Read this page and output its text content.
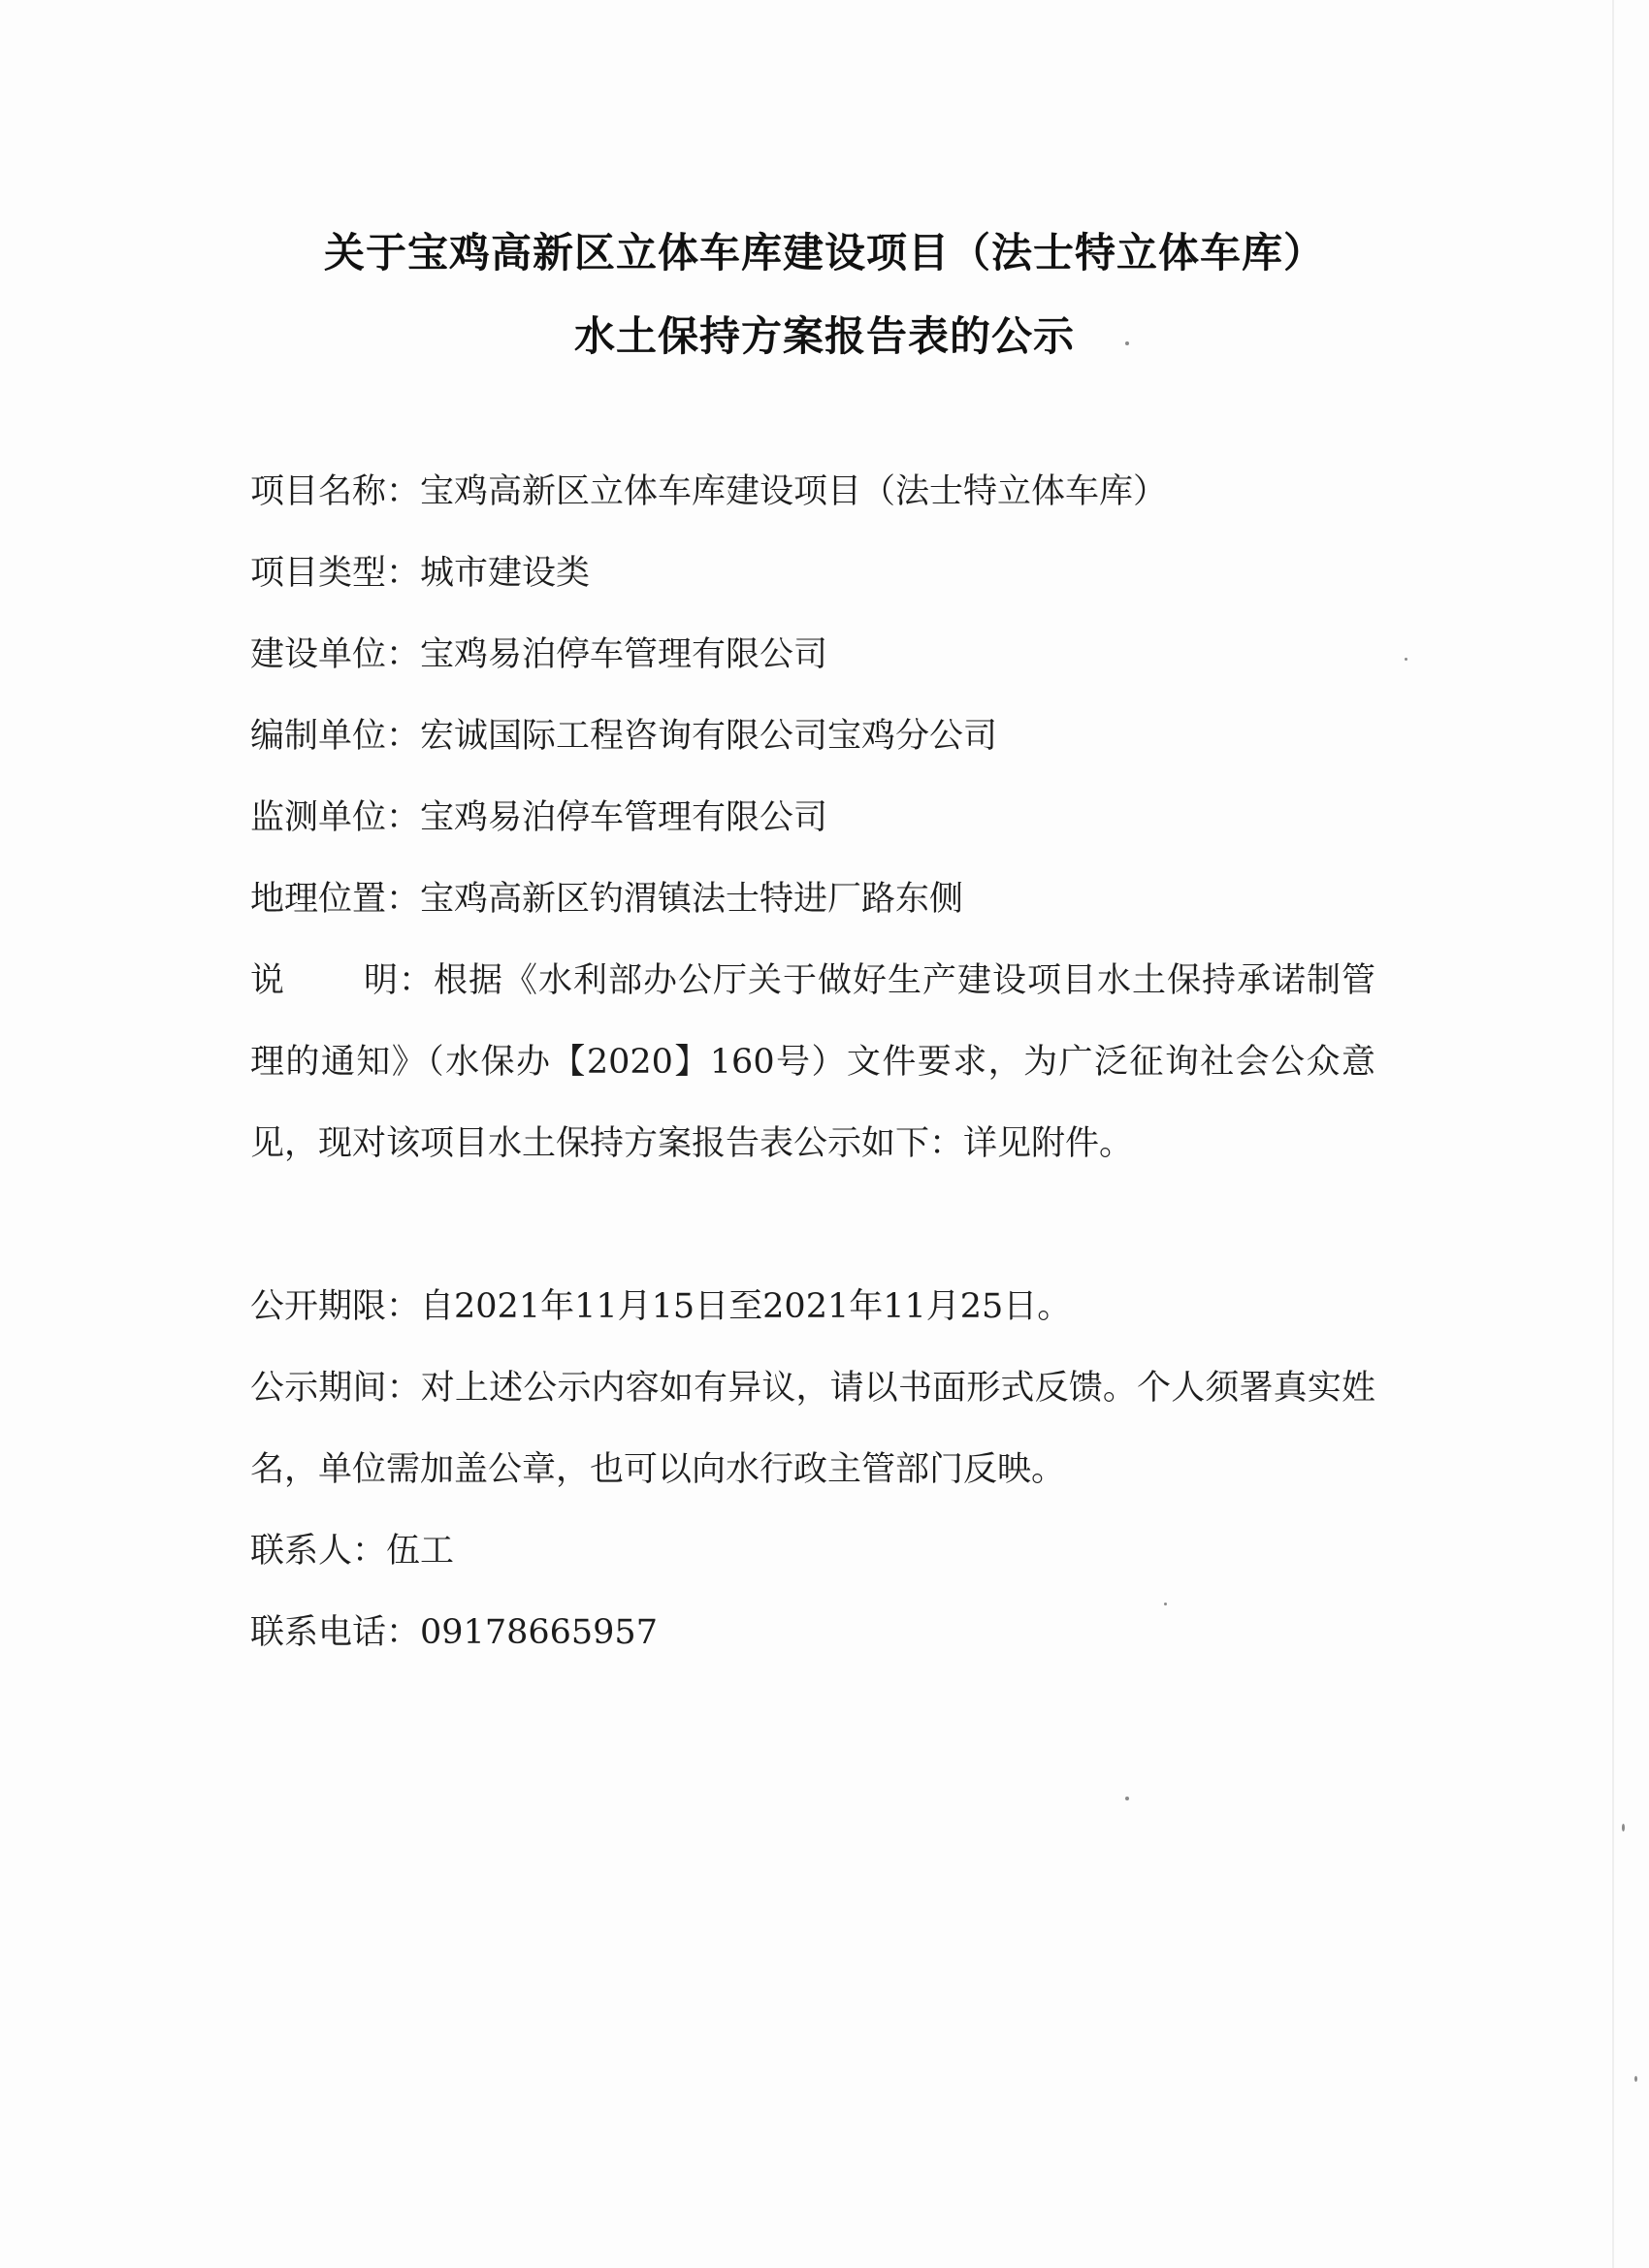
关于宝鸡高新区立体车库建设项目（法士特立体车库）
水土保持方案报告表的公示
项目名称：宝鸡高新区立体车库建设项目（法士特立体车库）
项目类型：城市建设类
建设单位：宝鸡易泊停车管理有限公司
编制单位：宏诚国际工程咨询有限公司宝鸡分公司
监测单位：宝鸡易泊停车管理有限公司
地理位置：宝鸡高新区钓渭镇法士特进厂路东侧
说 明：根据《水利部办公厅关于做好生产建设项目水土保持承诺制管理的通知》（水保办【2020】160号）文件要求，为广泛征询社会公众意见，现对该项目水土保持方案报告表公示如下：详见附件。
公开期限：自2021年11月15日至2021年11月25日。
公示期间：对上述公示内容如有异议，请以书面形式反馈。个人须署真实姓名，单位需加盖公章，也可以向水行政主管部门反映。
联系人：伍工
联系电话：09178665957
